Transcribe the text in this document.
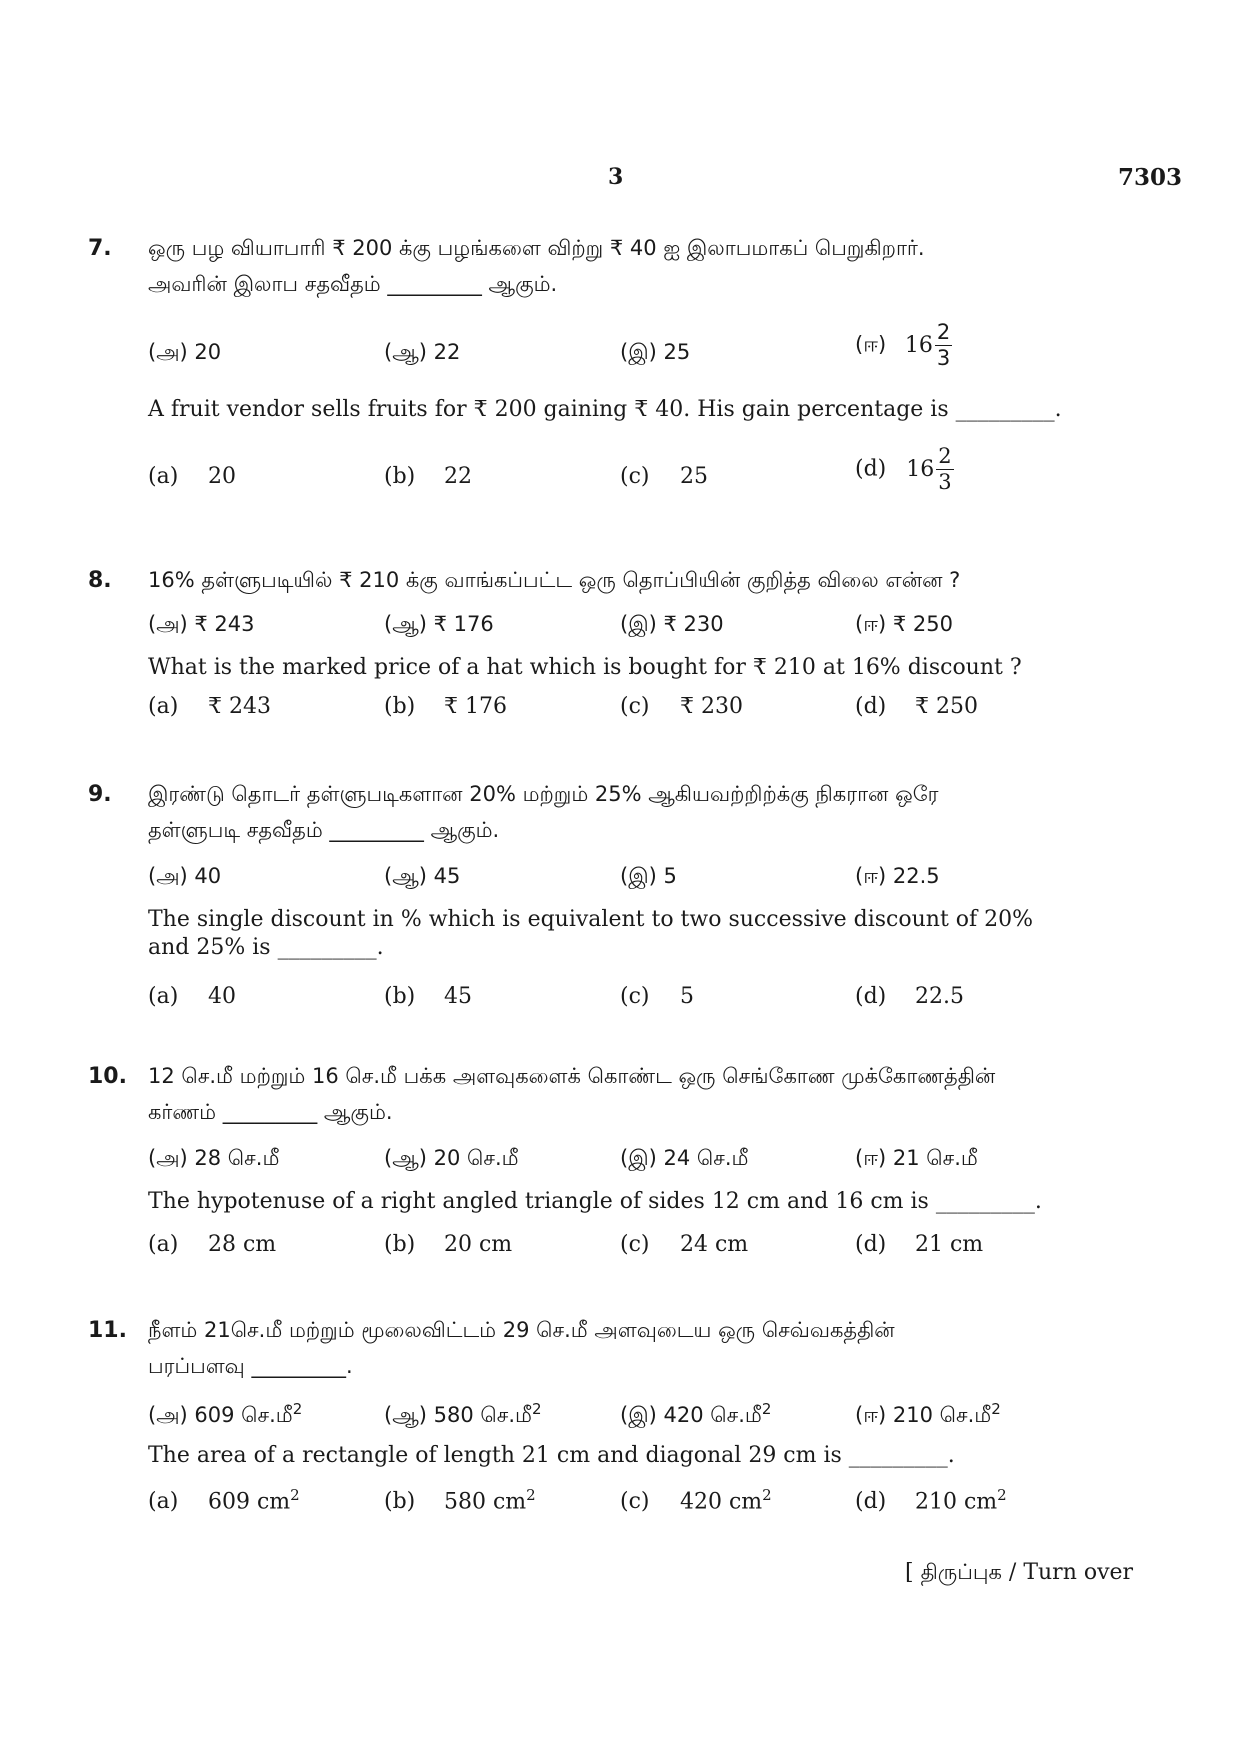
3	7303
7. ஒரு பழ வியாபாரி ₹ 200 க்கு பழங்களை விற்று ₹ 40 ஐ இலாபமாகப் பெறுகிறார்.
அவரின் இலாப சதவீதம் _________ ஆகும்.
(அ) 20	(ஆ) 22	(இ) 25	(ஈ) $16 \frac{2}{3}$
A fruit vendor sells fruits for ₹ 200 gaining ₹ 40. His gain percentage is _________.
(a) 20	(b) 22	(c) 25	(d) $16 \frac{2}{3}$
8. 16% தள்ளுபடியில் ₹ 210 க்கு வாங்கப்பட்ட ஒரு தொப்பியின் குறித்த விலை என்ன ?
(அ) ₹ 243	(ஆ) ₹ 176	(இ) ₹ 230	(ஈ) ₹ 250
What is the marked price of a hat which is bought for ₹ 210 at 16% discount ?
(a) ₹ 243	(b) ₹ 176	(c) ₹ 230	(d) ₹ 250
9. இரண்டு தொடர் தள்ளுபடிகளான 20% மற்றும் 25% ஆகியவற்றிற்க்கு நிகரான ஒரே
தள்ளுபடி சதவீதம் _________ ஆகும்.
(அ) 40	(ஆ) 45	(இ) 5	(ஈ) 22.5
The single discount in % which is equivalent to two successive discount of 20%
and 25% is _________.
(a) 40	(b) 45	(c) 5	(d) 22.5
10. 12 செ.மீ மற்றும் 16 செ.மீ பக்க அளவுகளைக் கொண்ட ஒரு செங்கோண முக்கோணத்தின்
கர்ணம் _________ ஆகும்.
(அ) 28 செ.மீ	(ஆ) 20 செ.மீ	(இ) 24 செ.மீ	(ஈ) 21 செ.மீ
The hypotenuse of a right angled triangle of sides 12 cm and 16 cm is _________.
(a) 28 cm	(b) 20 cm	(c) 24 cm	(d) 21 cm
11. நீளம் 21செ.மீ மற்றும் மூலைவிட்டம் 29 செ.மீ அளவுடைய ஒரு செவ்வகத்தின்
பரப்பளவு _________.
(அ) 609 செ.மீ$^2$	(ஆ) 580 செ.மீ$^2$	(இ) 420 செ.மீ$^2$	(ஈ) 210 செ.மீ$^2$
The area of a rectangle of length 21 cm and diagonal 29 cm is _________.
(a) 609 $cm^2$	(b) 580 $cm^2$	(c) 420 $cm^2$	(d) 210 $cm^2$
[ திருப்புக / Turn over
